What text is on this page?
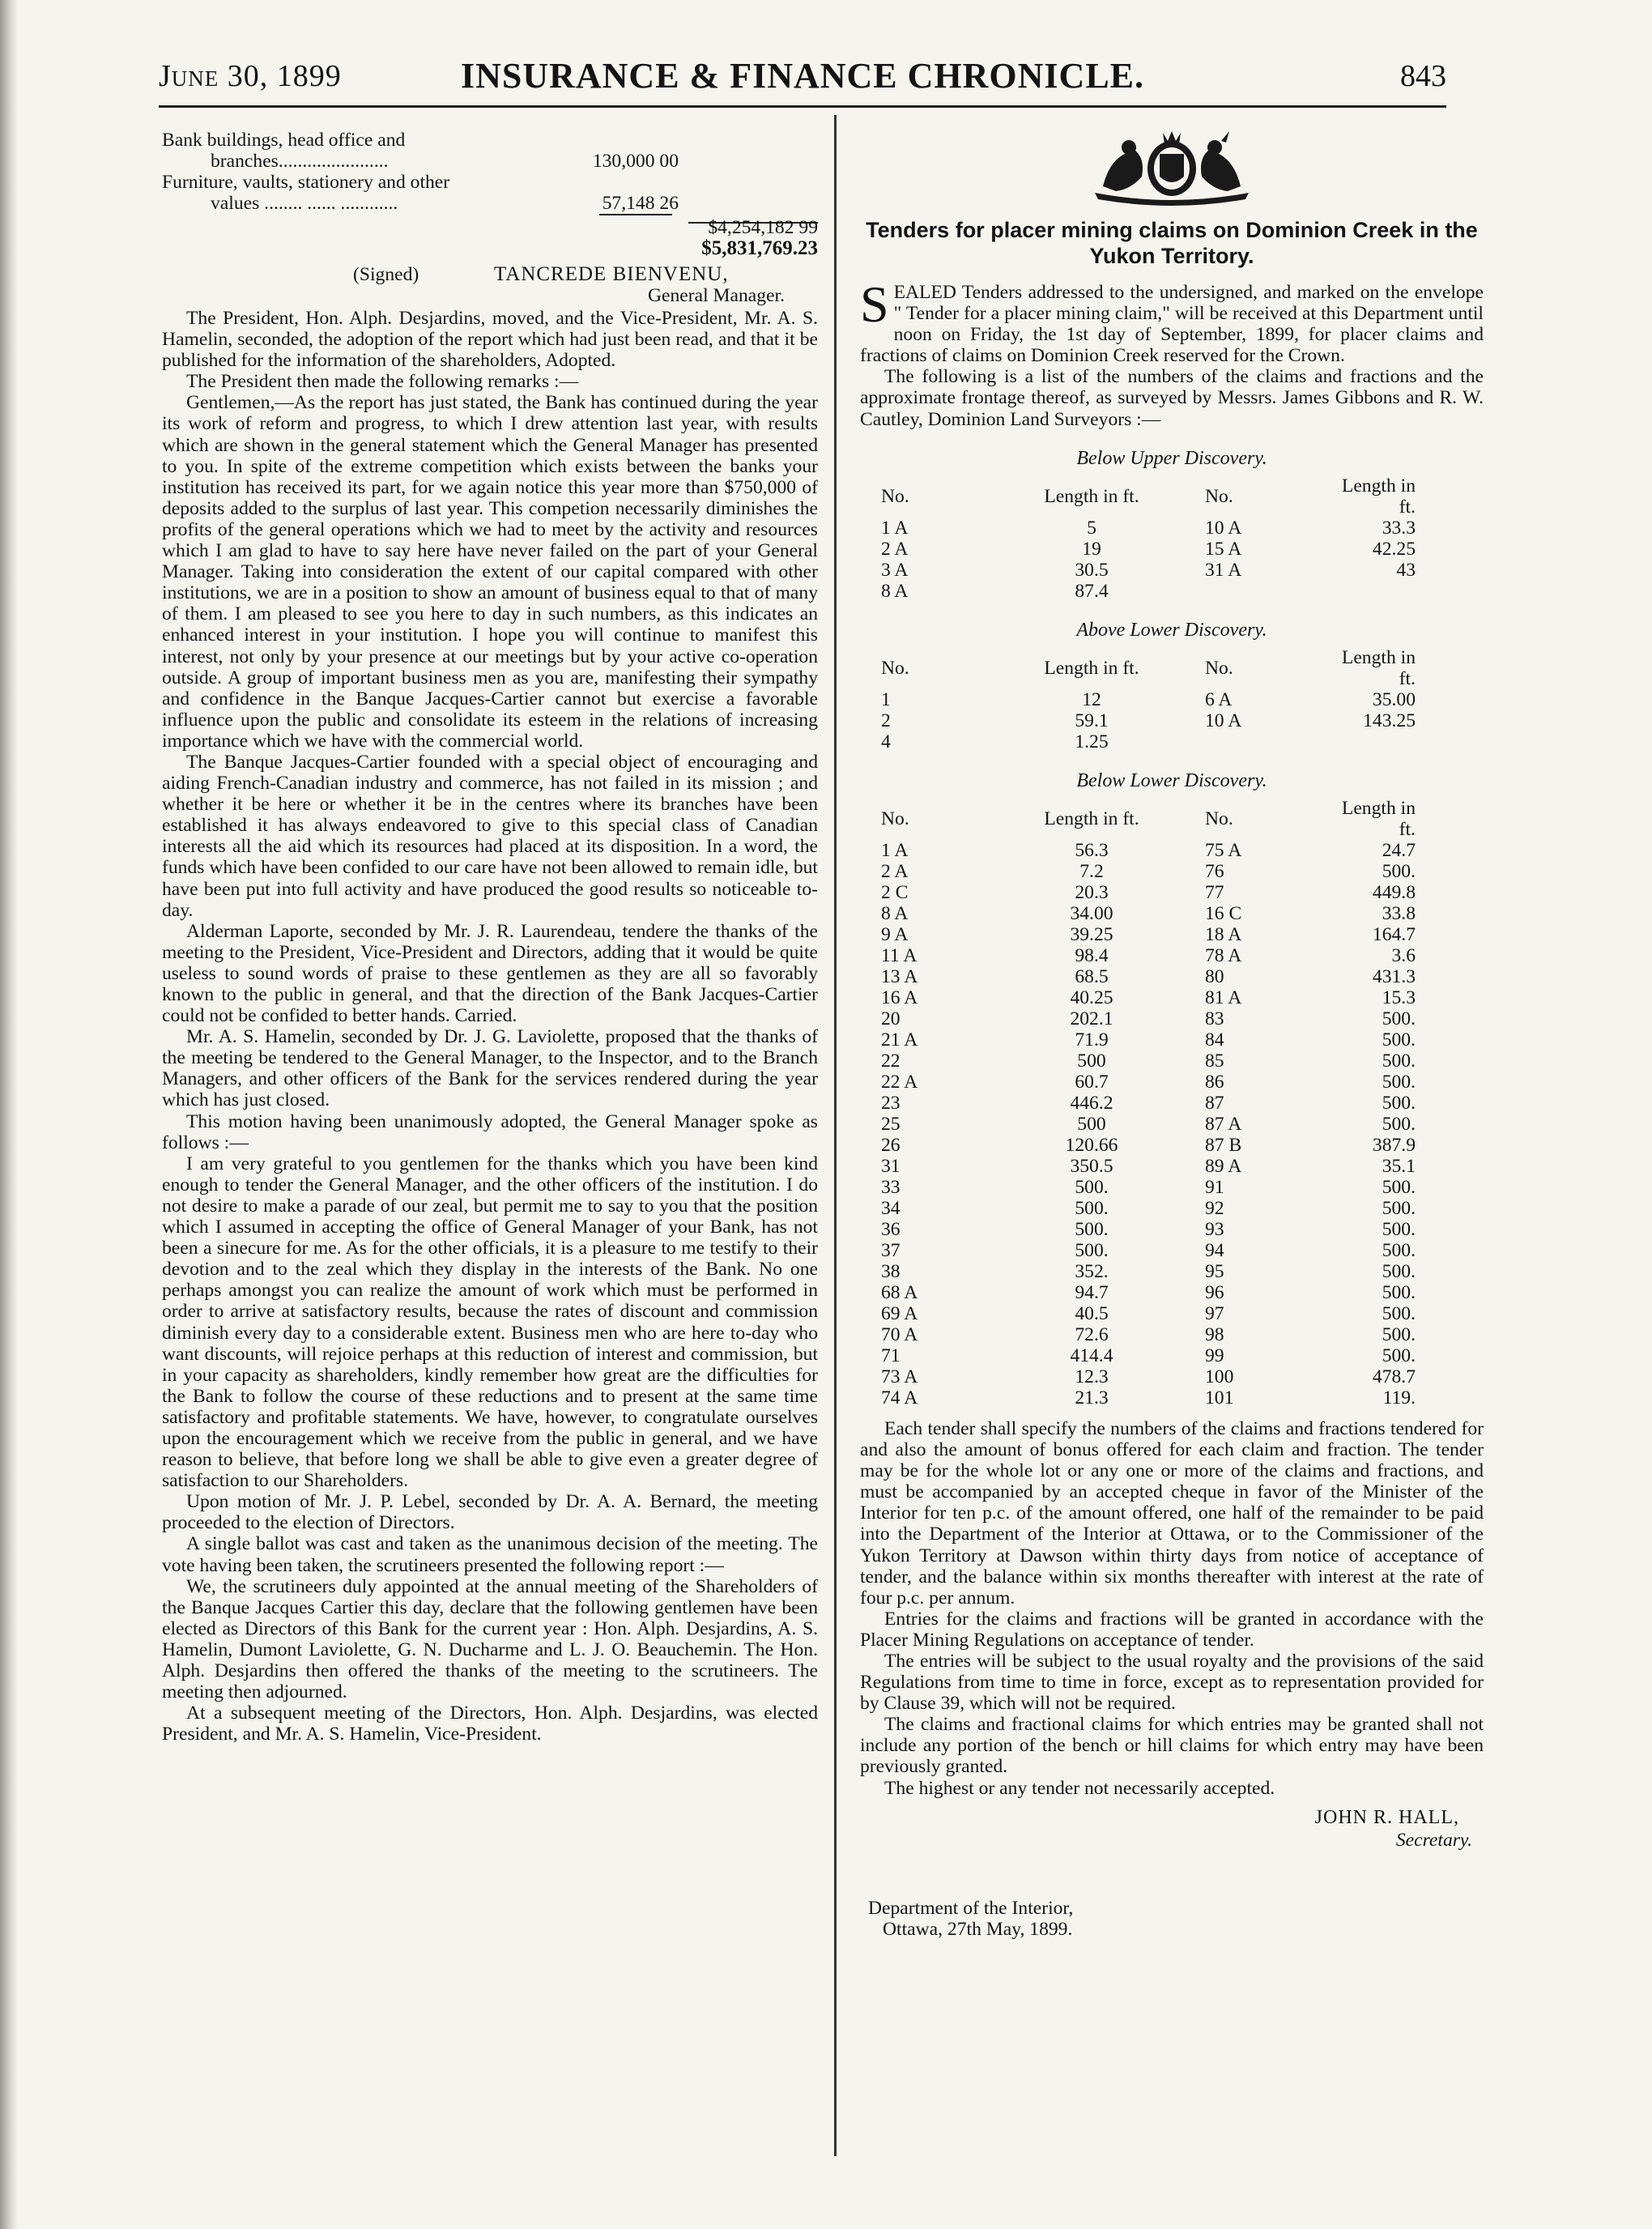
June 30, 1899	INSURANCE & FINANCE CHRONICLE.	843
Bank buildings, head office and
branches.......................	130,000 00
Furniture, vaults, stationery and other
values ........ ...... ............	57,148 26
$4,254,182 99
$5,831,769.23
(Signed)	TANCREDE BIENVENU,
General Manager.

The President, Hon. Alph. Desjardins, moved, and the Vice-President, Mr. A. S. Hamelin, seconded, the adoption of the report which had just been read, and that it be published for the information of the shareholders, Adopted.

The President then made the following remarks :—

Gentlemen,—As the report has just stated, the Bank has continued during the year its work of reform and progress, to which I drew attention last year, with results which are shown in the general statement which the General Manager has presented to you. In spite of the extreme competition which exists between the banks your institution has received its part, for we again notice this year more than $750,000 of deposits added to the surplus of last year. This competion necessarily diminishes the profits of the general operations which we had to meet by the activity and resources which I am glad to have to say here have never failed on the part of your General Manager. Taking into consideration the extent of our capital compared with other institutions, we are in a position to show an amount of business equal to that of many of them. I am pleased to see you here to day in such numbers, as this indicates an enhanced interest in your institution. I hope you will continue to manifest this interest, not only by your presence at our meetings but by your active co-operation outside. A group of important business men as you are, manifesting their sympathy and confidence in the Banque Jacques-Cartier cannot but exercise a favorable influence upon the public and consolidate its esteem in the relations of increasing importance which we have with the commercial world.

The Banque Jacques-Cartier founded with a special object of encouraging and aiding French-Canadian industry and commerce, has not failed in its mission ; and whether it be here or whether it be in the centres where its branches have been established it has always endeavored to give to this special class of Canadian interests all the aid which its resources had placed at its disposition. In a word, the funds which have been confided to our care have not been allowed to remain idle, but have been put into full activity and have produced the good results so noticeable to-day.

Alderman Laporte, seconded by Mr. J. R. Laurendeau, tendere the thanks of the meeting to the President, Vice-President and Directors, adding that it would be quite useless to sound words of praise to these gentlemen as they are all so favorably known to the public in general, and that the direction of the Bank Jacques-Cartier could not be confided to better hands. Carried.

Mr. A. S. Hamelin, seconded by Dr. J. G. Laviolette, proposed that the thanks of the meeting be tendered to the General Manager, to the Inspector, and to the Branch Managers, and other officers of the Bank for the services rendered during the year which has just closed.

This motion having been unanimously adopted, the General Manager spoke as follows :—

I am very grateful to you gentlemen for the thanks which you have been kind enough to tender the General Manager, and the other officers of the institution. I do not desire to make a parade of our zeal, but permit me to say to you that the position which I assumed in accepting the office of General Manager of your Bank, has not been a sinecure for me. As for the other officials, it is a pleasure to me testify to their devotion and to the zeal which they display in the interests of the Bank. No one perhaps amongst you can realize the amount of work which must be performed in order to arrive at satisfactory results, because the rates of discount and commission diminish every day to a considerable extent. Business men who are here to-day who want discounts, will rejoice perhaps at this reduction of interest and commission, but in your capacity as shareholders, kindly remember how great are the difficulties for the Bank to follow the course of these reductions and to present at the same time satisfactory and profitable statements. We have, however, to congratulate ourselves upon the encouragement which we receive from the public in general, and we have reason to believe, that before long we shall be able to give even a greater degree of satisfaction to our Shareholders.

Upon motion of Mr. J. P. Lebel, seconded by Dr. A. A. Bernard, the meeting proceeded to the election of Directors.

A single ballot was cast and taken as the unanimous decision of the meeting. The vote having been taken, the scrutineers presented the following report :—

We, the scrutineers duly appointed at the annual meeting of the Shareholders of the Banque Jacques Cartier this day, declare that the following gentlemen have been elected as Directors of this Bank for the current year : Hon. Alph. Desjardins, A. S. Hamelin, Dumont Laviolette, G. N. Ducharme and L. J. O. Beauchemin. The Hon. Alph. Desjardins then offered the thanks of the meeting to the scrutineers. The meeting then adjourned.

At a subsequent meeting of the Directors, Hon. Alph. Desjardins, was elected President, and Mr. A. S. Hamelin, Vice-President.

Tenders for placer mining claims on Dominion Creek in the Yukon Territory.
S EALED Tenders addressed to the undersigned, and marked on the envelope " Tender for a placer mining claim," will be received at this Department until noon on Friday, the 1st day of September, 1899, for placer claims and fractions of claims on Dominion Creek reserved for the Crown.

The following is a list of the numbers of the claims and fractions and the approximate frontage thereof, as surveyed by Messrs. James Gibbons and R. W. Cautley, Dominion Land Surveyors :—

Below Upper Discovery.
No.	Length in ft.	No.	Length in ft.
1 A	5	10 A	33.3
2 A	19	15 A	42.25
3 A	30.5	31 A	43
8 A	87.4		
Above Lower Discovery.
No.	Length in ft.	No.	Length in ft.
1	12	6 A	35.00
2	59.1	10 A	143.25
4	1.25		
Below Lower Discovery.
No.	Length in ft.	No.	Length in ft.
1 A	56.3	75 A	24.7
2 A	7.2	76	500.
2 C	20.3	77	449.8
8 A	34.00	16 C	33.8
9 A	39.25	18 A	164.7
11 A	98.4	78 A	3.6
13 A	68.5	80	431.3
16 A	40.25	81 A	15.3
20	202.1	83	500.
21 A	71.9	84	500.
22	500	85	500.
22 A	60.7	86	500.
23	446.2	87	500.
25	500	87 A	500.
26	120.66	87 B	387.9
31	350.5	89 A	35.1
33	500.	91	500.
34	500.	92	500.
36	500.	93	500.
37	500.	94	500.
38	352.	95	500.
68 A	94.7	96	500.
69 A	40.5	97	500.
70 A	72.6	98	500.
71	414.4	99	500.
73 A	12.3	100	478.7
74 A	21.3	101	119.

Each tender shall specify the numbers of the claims and fractions tendered for and also the amount of bonus offered for each claim and fraction. The tender may be for the whole lot or any one or more of the claims and fractions, and must be accompanied by an accepted cheque in favor of the Minister of the Interior for ten p.c. of the amount offered, one half of the remainder to be paid into the Department of the Interior at Ottawa, or to the Commissioner of the Yukon Territory at Dawson within thirty days from notice of acceptance of tender, and the balance within six months thereafter with interest at the rate of four p.c. per annum.

Entries for the claims and fractions will be granted in accordance with the Placer Mining Regulations on acceptance of tender.

The entries will be subject to the usual royalty and the provisions of the said Regulations from time to time in force, except as to representation provided for by Clause 39, which will not be required.

The claims and fractional claims for which entries may be granted shall not include any portion of the bench or hill claims for which entry may have been previously granted.

The highest or any tender not necessarily accepted.

JOHN R. HALL,
Secretary.
Department of the Interior,
Ottawa, 27th May, 1899.
